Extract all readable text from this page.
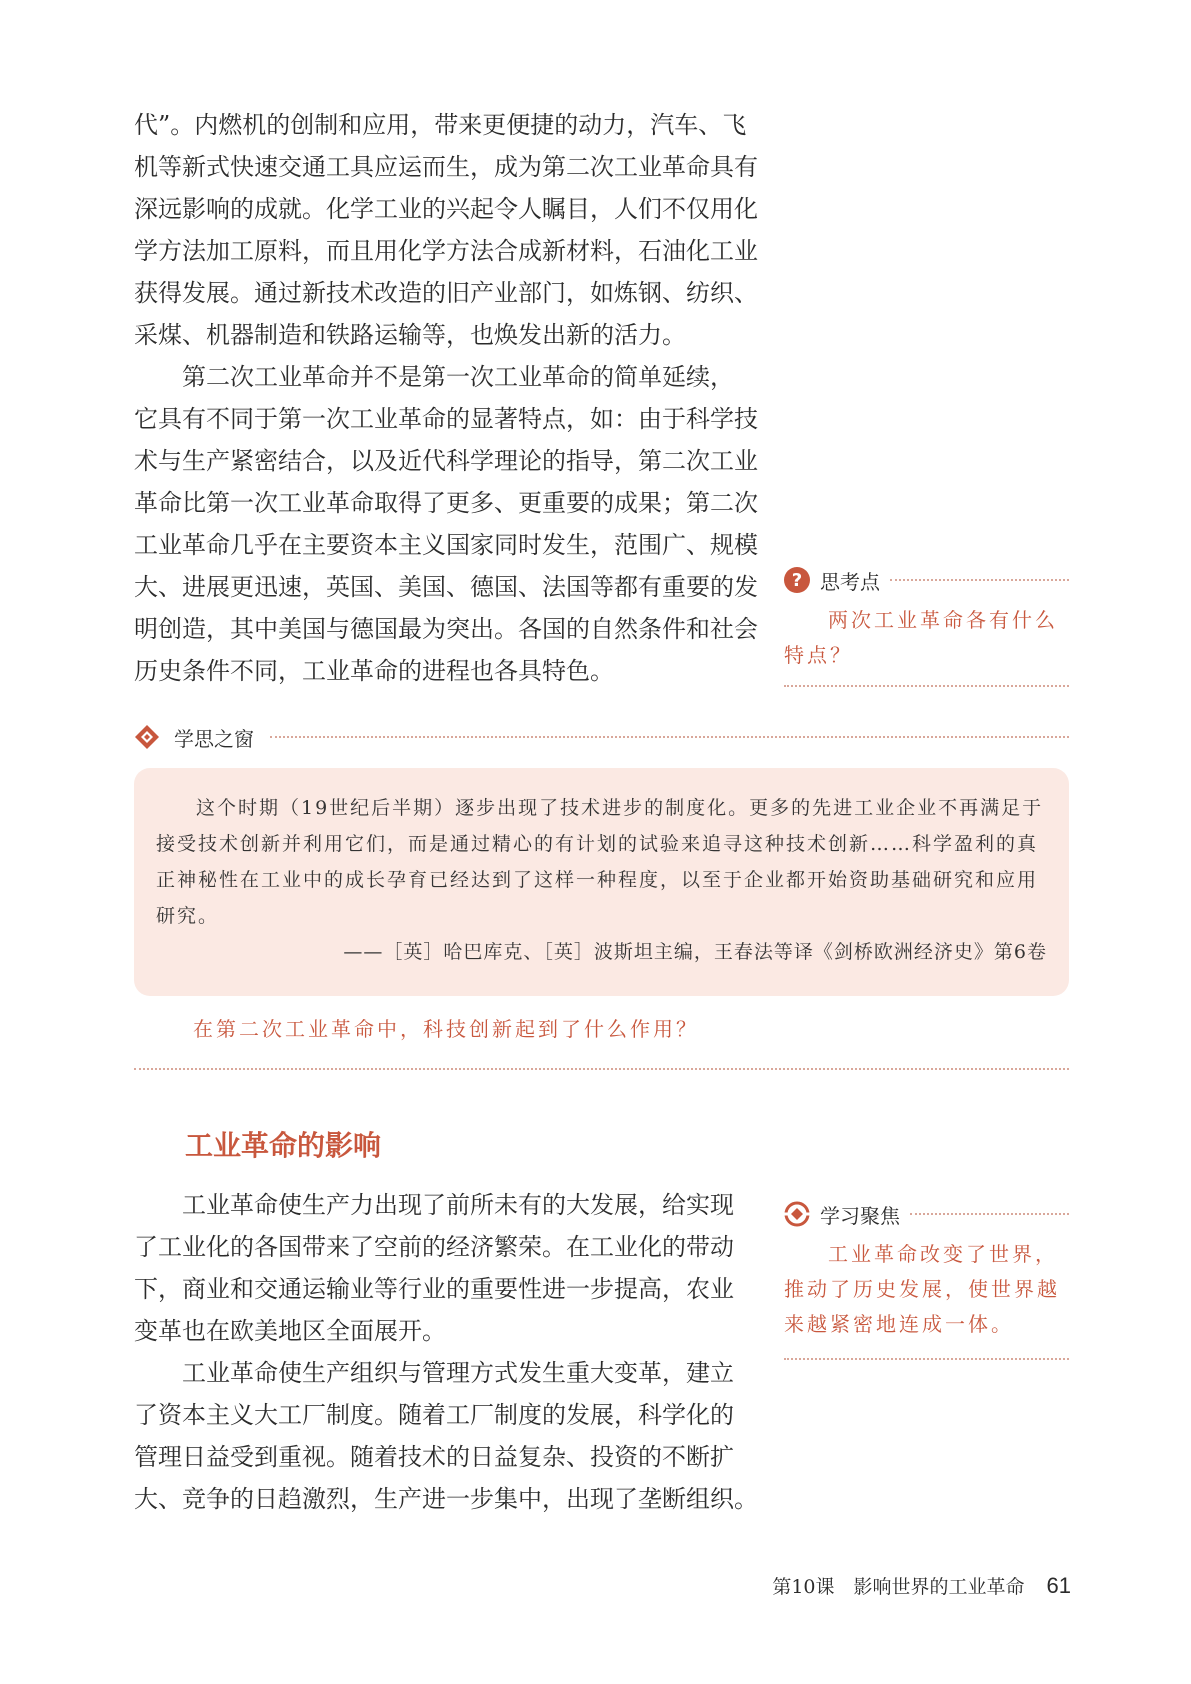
代”。内燃机的创制和应用，带来更便捷的动力，汽车、飞
机等新式快速交通工具应运而生，成为第二次工业革命具有
深远影响的成就。化学工业的兴起令人瞩目，人们不仅用化
学方法加工原料，而且用化学方法合成新材料，石油化工业
获得发展。通过新技术改造的旧产业部门，如炼钢、纺织、
采煤、机器制造和铁路运输等，也焕发出新的活力。

第二次工业革命并不是第一次工业革命的简单延续，
它具有不同于第一次工业革命的显著特点，如：由于科学技
术与生产紧密结合，以及近代科学理论的指导，第二次工业
革命比第一次工业革命取得了更多、更重要的成果；第二次
工业革命几乎在主要资本主义国家同时发生，范围广、规模
大、进展更迅速，英国、美国、德国、法国等都有重要的发
明创造，其中美国与德国最为突出。各国的自然条件和社会
历史条件不同，工业革命的进程也各具特色。

? 思考点

两次工业革命各有什么
特点？

学思之窗

这个时期（19世纪后半期）逐步出现了技术进步的制度化。更多的先进工业企业不再满足于
接受技术创新并利用它们，而是通过精心的有计划的试验来追寻这种技术创新……科学盈利的真
正神秘性在工业中的成长孕育已经达到了这样一种程度，以至于企业都开始资助基础研究和应用
研究。

——［英］哈巴库克、［英］波斯坦主编，王春法等译《剑桥欧洲经济史》第6卷

在第二次工业革命中，科技创新起到了什么作用？
工业革命的影响

工业革命使生产力出现了前所未有的大发展，给实现
了工业化的各国带来了空前的经济繁荣。在工业化的带动
下，商业和交通运输业等行业的重要性进一步提高，农业
变革也在欧美地区全面展开。

工业革命使生产组织与管理方式发生重大变革，建立
了资本主义大工厂制度。随着工厂制度的发展，科学化的
管理日益受到重视。随着技术的日益复杂、投资的不断扩
大、竞争的日趋激烈，生产进一步集中，出现了垄断组织。

学习聚焦

工业革命改变了世界，
推动了历史发展，使世界越
来越紧密地连成一体。

第10课　影响世界的工业革命 61
